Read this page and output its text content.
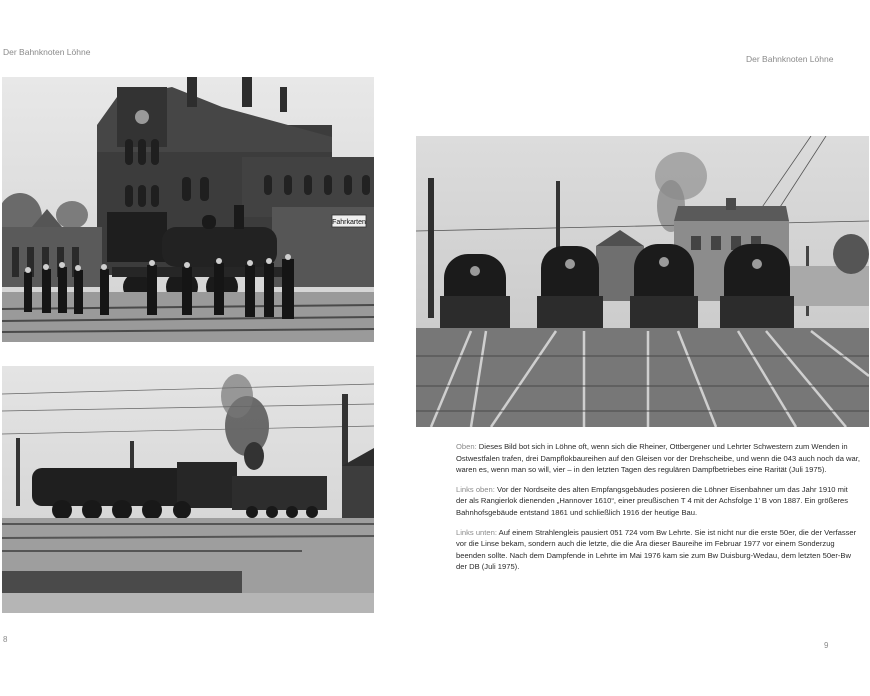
Der Bahnknoten Löhne
Fahrkarten
8
Der Bahnknoten Löhne

Oben: Dieses Bild bot sich in Löhne oft, wenn sich die Rheiner, Ottbergener und Lehrter Schwestern zum Wenden in Ostwestfalen trafen, drei Dampflokbaureihen auf den Gleisen vor der Drehscheibe, und wenn die 043 auch noch da war, waren es, wenn man so will, vier – in den letzten Tagen des regulären Dampfbetriebes eine Rarität (Juli 1975).

Links oben: Vor der Nordseite des alten Empfangsgebäudes posieren die Löhner Eisenbahner um das Jahr 1910 mit der als Rangierlok dienenden „Hannover 1610“, einer preußischen T 4 mit der Achsfolge 1’ B von 1887. Ein größeres Bahnhofsgebäude entstand 1861 und schließlich 1916 der heutige Bau.

Links unten: Auf einem Strahlengleis pausiert 051 724 vom Bw Lehrte. Sie ist nicht nur die erste 50er, die der Verfasser vor die Linse bekam, sondern auch die letzte, die die Ära dieser Baureihe im Februar 1977 vor einem Sonderzug beenden sollte. Nach dem Dampfende in Lehrte im Mai 1976 kam sie zum Bw Duisburg-Wedau, dem letzten 50er-Bw der DB (Juli 1975).

9
